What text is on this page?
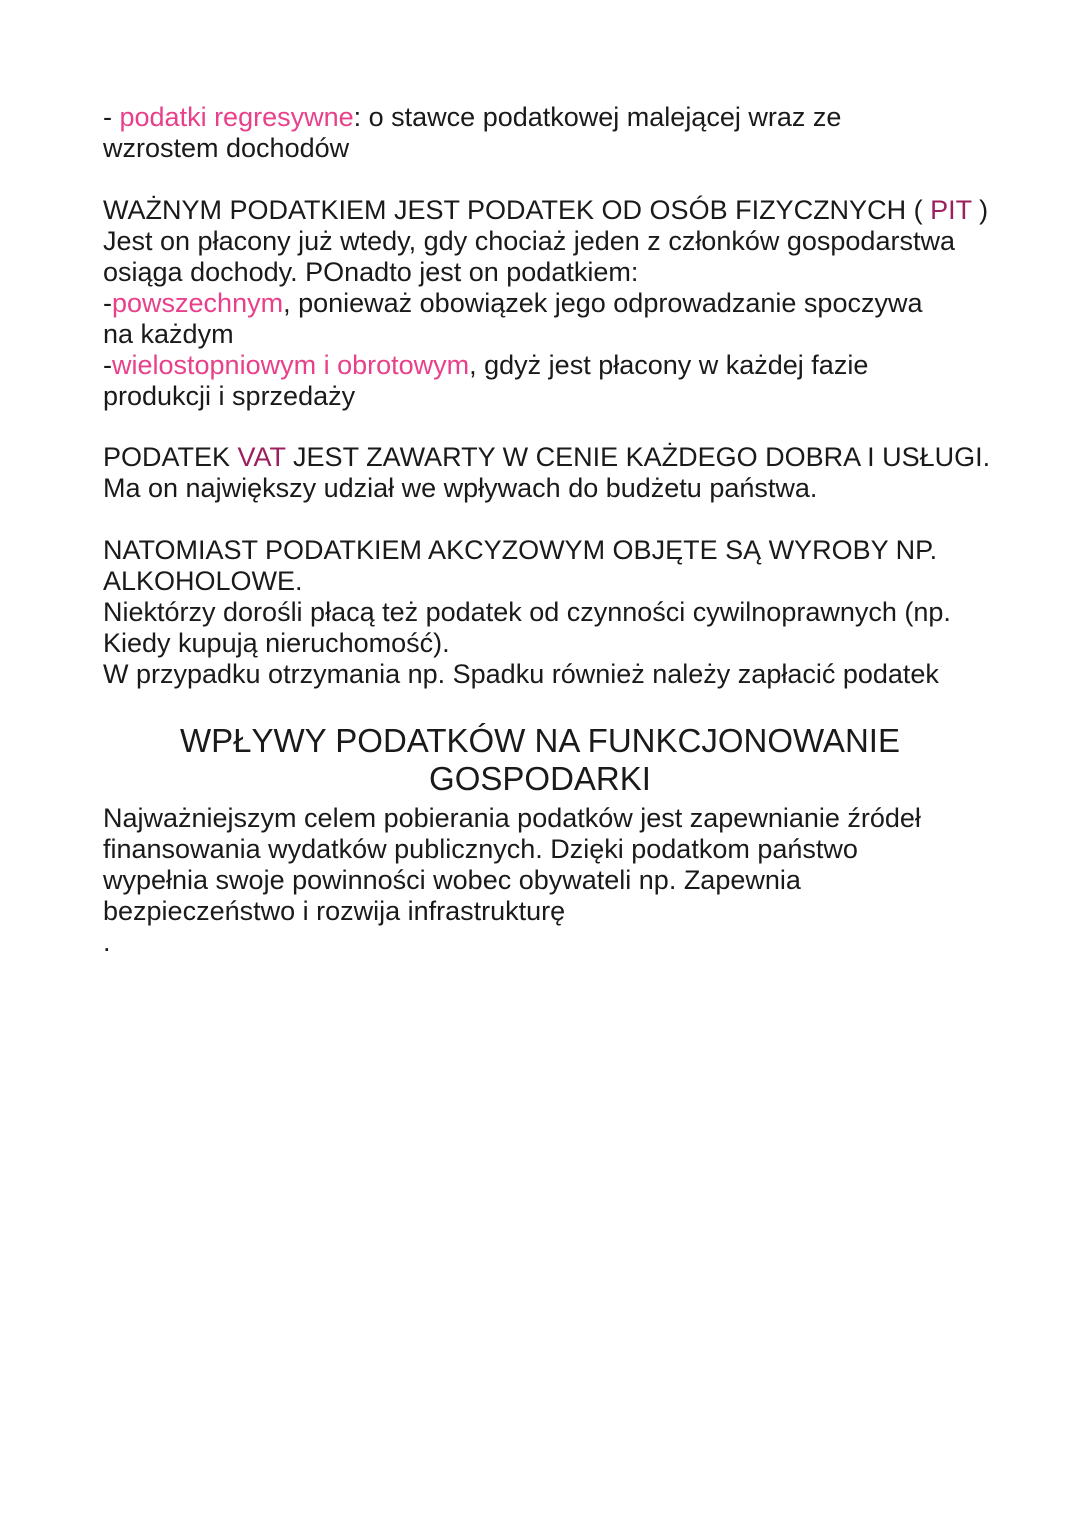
- podatki regresywne: o stawce podatkowej malejącej wraz ze
wzrostem dochodów

WAŻNYM PODATKIEM JEST PODATEK OD OSÓB FIZYCZNYCH ( PIT )
Jest on płacony już wtedy, gdy chociaż jeden z członków gospodarstwa
osiąga dochody. POnadto jest on podatkiem:
-powszechnym, ponieważ obowiązek jego odprowadzanie spoczywa
na każdym
-wielostopniowym i obrotowym, gdyż jest płacony w każdej fazie
produkcji i sprzedaży

PODATEK VAT JEST ZAWARTY W CENIE KAŻDEGO DOBRA I USŁUGI.
Ma on największy udział we wpływach do budżetu państwa.

NATOMIAST PODATKIEM AKCYZOWYM OBJĘTE SĄ WYROBY NP.
ALKOHOLOWE.
Niektórzy dorośli płacą też podatek od czynności cywilnoprawnych (np.
Kiedy kupują nieruchomość).
W przypadku otrzymania np. Spadku również należy zapłacić podatek

WPŁYWY PODATKÓW NA FUNKCJONOWANIE
GOSPODARKI

Najważniejszym celem pobierania podatków jest zapewnianie źródeł
finansowania wydatków publicznych. Dzięki podatkom państwo
wypełnia swoje powinności wobec obywateli np. Zapewnia
bezpieczeństwo i rozwija infrastrukturę
.
